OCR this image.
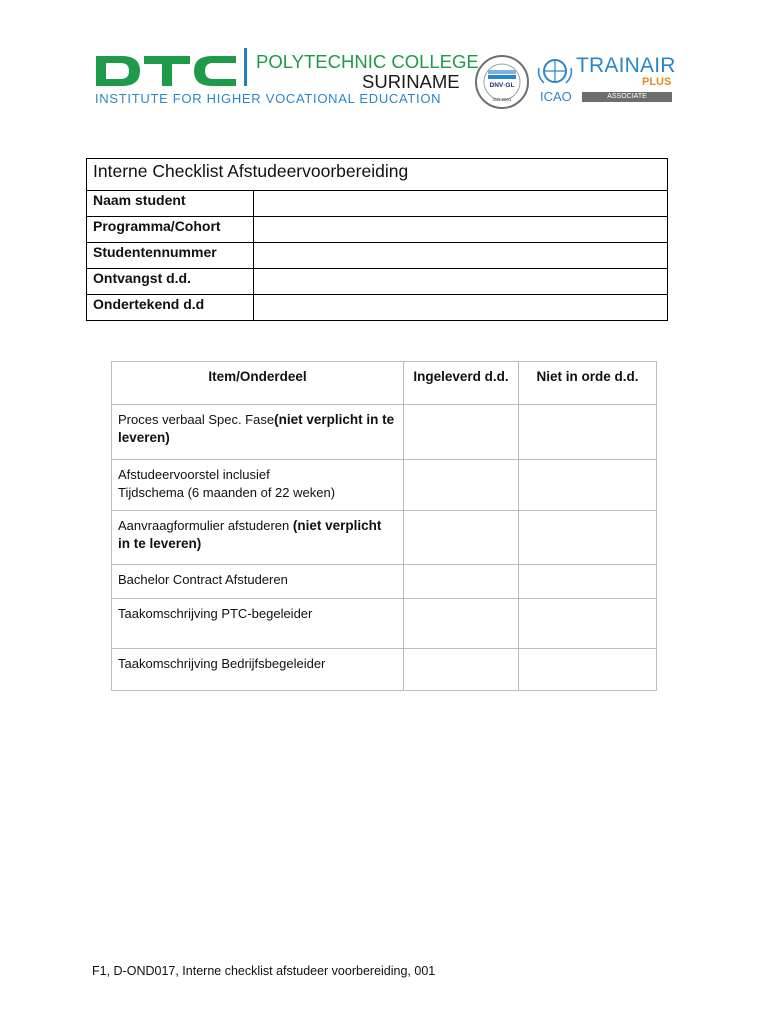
POLYTECHNIC COLLEGE
SURINAME
INSTITUTE FOR HIGHER VOCATIONAL EDUCATION
DNV·GL
ISO 9001 ICAO
TRAINAIR
PLUS
ASSOCIATE
Interne Checklist Afstudeervoorbereiding	
Naam student	
Programma/Cohort	
Studentennummer	
Ontvangst d.d.	
Ondertekend d.d	
Item/Onderdeel	Ingeleverd d.d.	Niet in orde d.d.
Proces verbaal Spec. Fase(niet verplicht in te leveren)		

Afstudeervoorstel inclusief
Tijdschema (6 maanden of 22 weken)		

Aanvraagformulier afstuderen (niet verplicht in te leveren)		
Bachelor Contract Afstuderen		
Taakomschrijving PTC-begeleider		
Taakomschrijving Bedrijfsbegeleider		
F1, D-OND017, Interne checklist afstudeer voorbereiding, 001
